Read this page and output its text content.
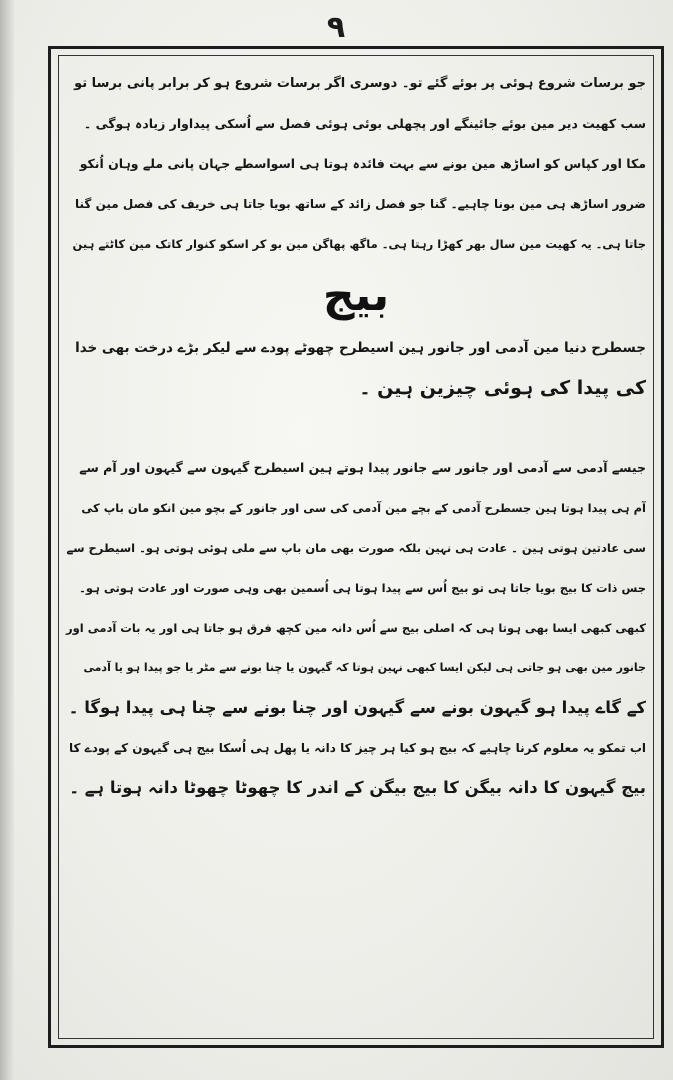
۹
جو برسات شروع ہوئی پر بوئے گئے تو۔ دوسری اگر برسات شروع ہو کر برابر پانی برسا تو
سب کھیت دیر مین بوئے جائینگے اور پچھلی بوئی ہوئی فصل سے اُسکی پیداوار زیادہ ہوگی ۔
مکا اور کپاس کو اساڑھ مین بونے سے بہت فائدہ ہوتا ہی اسواسطے جہان پانی ملے وہان اُنکو
ضرور اساڑھ ہی مین بونا چاہیے۔ گنا جو فصل زائد کے ساتھ بویا جاتا ہی خریف کی فصل مین گنا
جاتا ہی۔ یہ کھیت مین سال بھر کھڑا رہتا ہی۔ ماگھ پھاگن مین بو کر اسکو کنوار کاتک مین کاٹتے ہین
بیج
جسطرح دنیا مین آدمی اور جانور ہین اسیطرح چھوٹے پودے سے لیکر بڑے درخت بھی خدا
کی پیدا کی ہوئی چیزین ہین ۔
جیسے آدمی سے آدمی اور جانور سے جانور پیدا ہوتے ہین اسیطرح گیہون سے گیہون اور آم سے
آم ہی پیدا ہوتا ہین جسطرح آدمی کے بچے مین آدمی کی سی اور جانور کے بچو مین انکو مان باپ کی
سی عادتین ہوتی ہین ۔ عادت ہی نہین بلکہ صورت بھی مان باپ سے ملی ہوئی ہوتی ہو۔ اسیطرح سے
جس ذات کا بیج بویا جاتا ہی تو بیج اُس سے پیدا ہوتا ہی اُسمین بھی وہی صورت اور عادت ہوتی ہو۔
کبھی کبھی ایسا بھی ہوتا ہی کہ اصلی بیج سے اُس دانہ مین کچھ فرق ہو جاتا ہی اور یہ بات آدمی اور
جانور مین بھی ہو جاتی ہی لیکن ایسا کبھی نہین ہوتا کہ گیہون یا چنا بونے سے مٹر یا جو پیدا ہو یا آدمی
کے گاے پیدا ہو گیہون بونے سے گیہون اور چنا بونے سے چنا ہی پیدا ہوگا ۔
اب تمکو یہ معلوم کرنا چاہیے کہ بیج ہو کیا ہر چیز کا دانہ یا پھل ہی اُسکا بیج ہی گیہون کے پودے کا
بیج گیہون کا دانہ بیگن کا بیج بیگن کے اندر کا چھوٹا چھوٹا دانہ ہوتا ہے ۔
